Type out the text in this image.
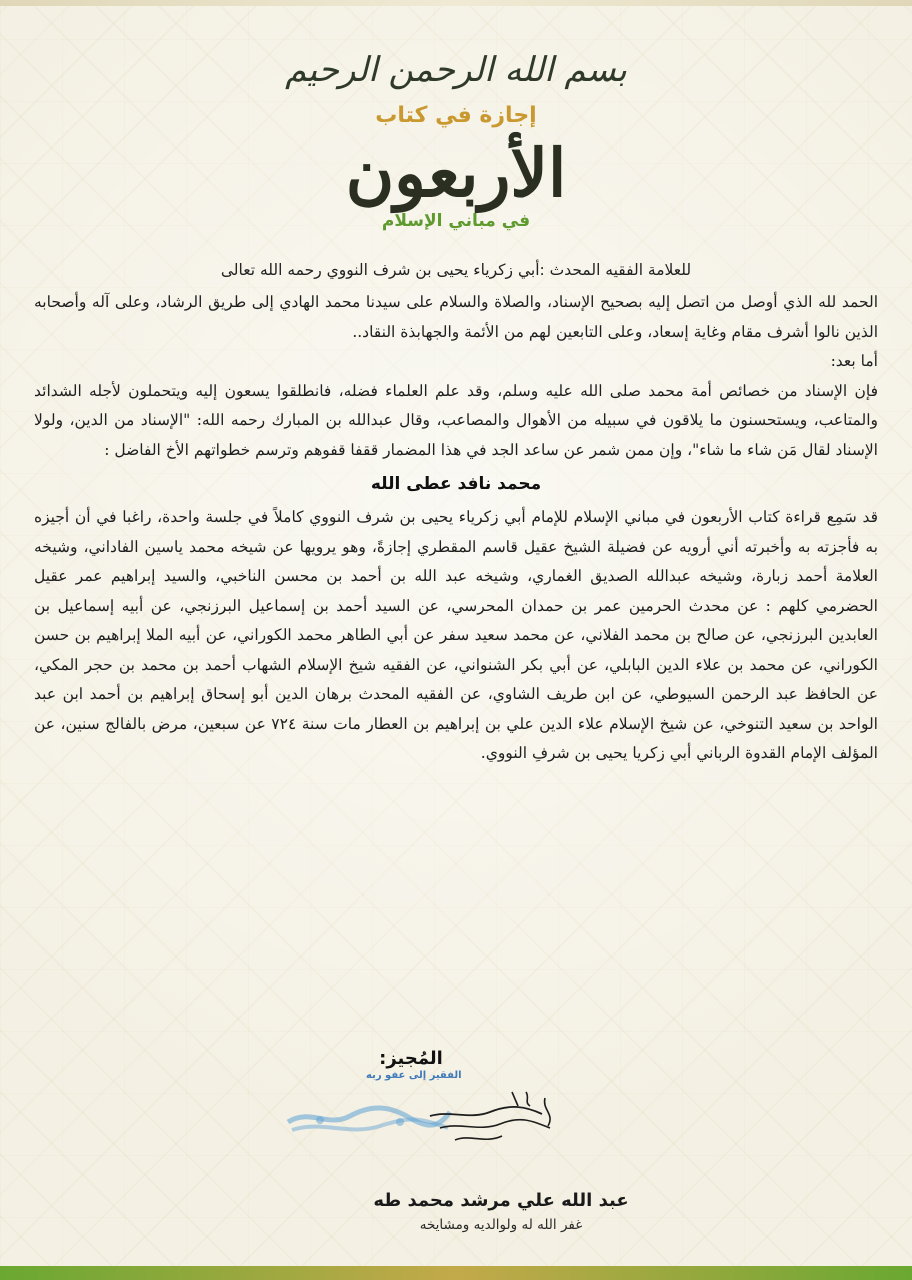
بسم الله الرحمن الرحيم
إجازة في كتاب
الأربعون
في مباني الإسلام
للعلامة الفقيه المحدث :أبي زكرياء يحيى بن شرف النووي رحمه الله تعالى

الحمد لله الذي أوصل من اتصل إليه بصحيح الإسناد، والصلاة والسلام على سيدنا محمد الهادي إلى طريق الرشاد، وعلى آله وأصحابه الذين نالوا أشرف مقام وغاية إسعاد، وعلى التابعين لهم من الأئمة والجهابذة النقاد..

أما بعد:

فإن الإسناد من خصائص أمة محمد صلى الله عليه وسلم، وقد علم العلماء فضله، فانطلقوا يسعون إليه ويتحملون لأجله الشدائد والمتاعب، ويستحسنون ما يلاقون في سبيله من الأهوال والمصاعب، وقال عبدالله بن المبارك رحمه الله: "الإسناد من الدين، ولولا الإسناد لقال مَن شاء ما شاء"، وإن ممن شمر عن ساعد الجد في هذا المضمار ققفا قفوهم وترسم خطواتهم الأخ الفاضل :

محمد نافد عطى الله

قد سَمِع قراءة كتاب الأربعون في مباني الإسلام للإمام أبي زكرياء يحيى بن شرف النووي كاملاً في جلسة واحدة، راغبا في أن أجيزه به فأجزته به وأخبرته أني أرويه عن فضيلة الشيخ عقيل قاسم المقطري إجازةً، وهو يرويها عن شيخه محمد ياسين الفاداني، وشيخه العلامة أحمد زبارة، وشيخه عبدالله الصديق الغماري، وشيخه عبد الله بن أحمد بن محسن الناخبي، والسيد إبراهيم عمر عقيل الحضرمي كلهم : عن محدث الحرمين عمر بن حمدان المحرسي، عن السيد أحمد بن إسماعيل البرزنجي، عن أبيه إسماعيل بن العابدين البرزنجي، عن صالح بن محمد الفلاني، عن محمد سعيد سفر عن أبي الطاهر محمد الكوراني، عن أبيه الملا إبراهيم بن حسن الكوراني، عن محمد بن علاء الدين البابلي، عن أبي بكر الشنواني، عن الفقيه شيخ الإسلام الشهاب أحمد بن محمد بن حجر المكي، عن الحافظ عبد الرحمن السيوطي، عن ابن طريف الشاوي، عن الفقيه المحدث برهان الدين أبو إسحاق إبراهيم بن أحمد ابن عبد الواحد بن سعيد التنوخي، عن شيخ الإسلام علاء الدين علي بن إبراهيم بن العطار مات سنة ٧٢٤ عن سبعين، مرض بالفالج سنين، عن المؤلف الإمام القدوة الرباني أبي زكريا يحيى بن شرفِ النووي.

المُجيز:
الفقير إلى عفو ربه
عبد الله علي مرشد محمد طه
غفر الله له ولوالديه ومشايخه
